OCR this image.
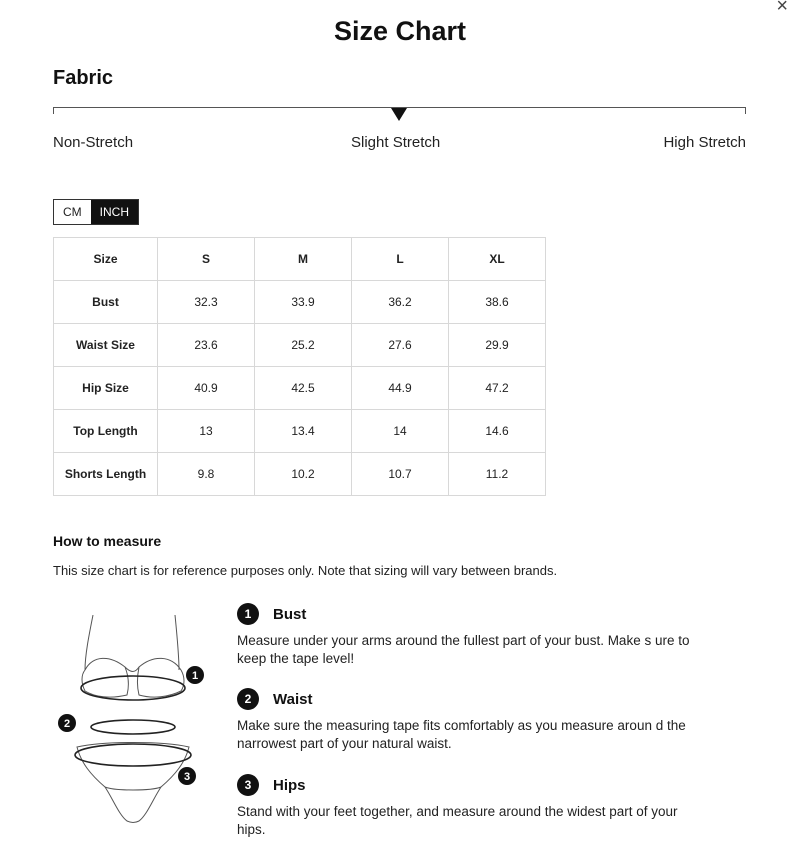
×
Size Chart
Fabric
Non-Stretch	Slight Stretch	High Stretch
CM	INCH
Size	S	M	L	XL
Bust	32.3	33.9	36.2	38.6
Waist Size	23.6	25.2	27.6	29.9
Hip Size	40.9	42.5	44.9	47.2
Top Length	13	13.4	14	14.6
Shorts Length	9.8	10.2	10.7	11.2
How to measure
This size chart is for reference purposes only. Note that sizing will vary between brands.
1
2
3
1	Bust
Measure under your arms around the fullest part of your bust. Make s ure to keep the tape level!
2	Waist
Make sure the measuring tape fits comfortably as you measure aroun d the narrowest part of your natural waist.
3	Hips
Stand with your feet together, and measure around the widest part of your hips.
